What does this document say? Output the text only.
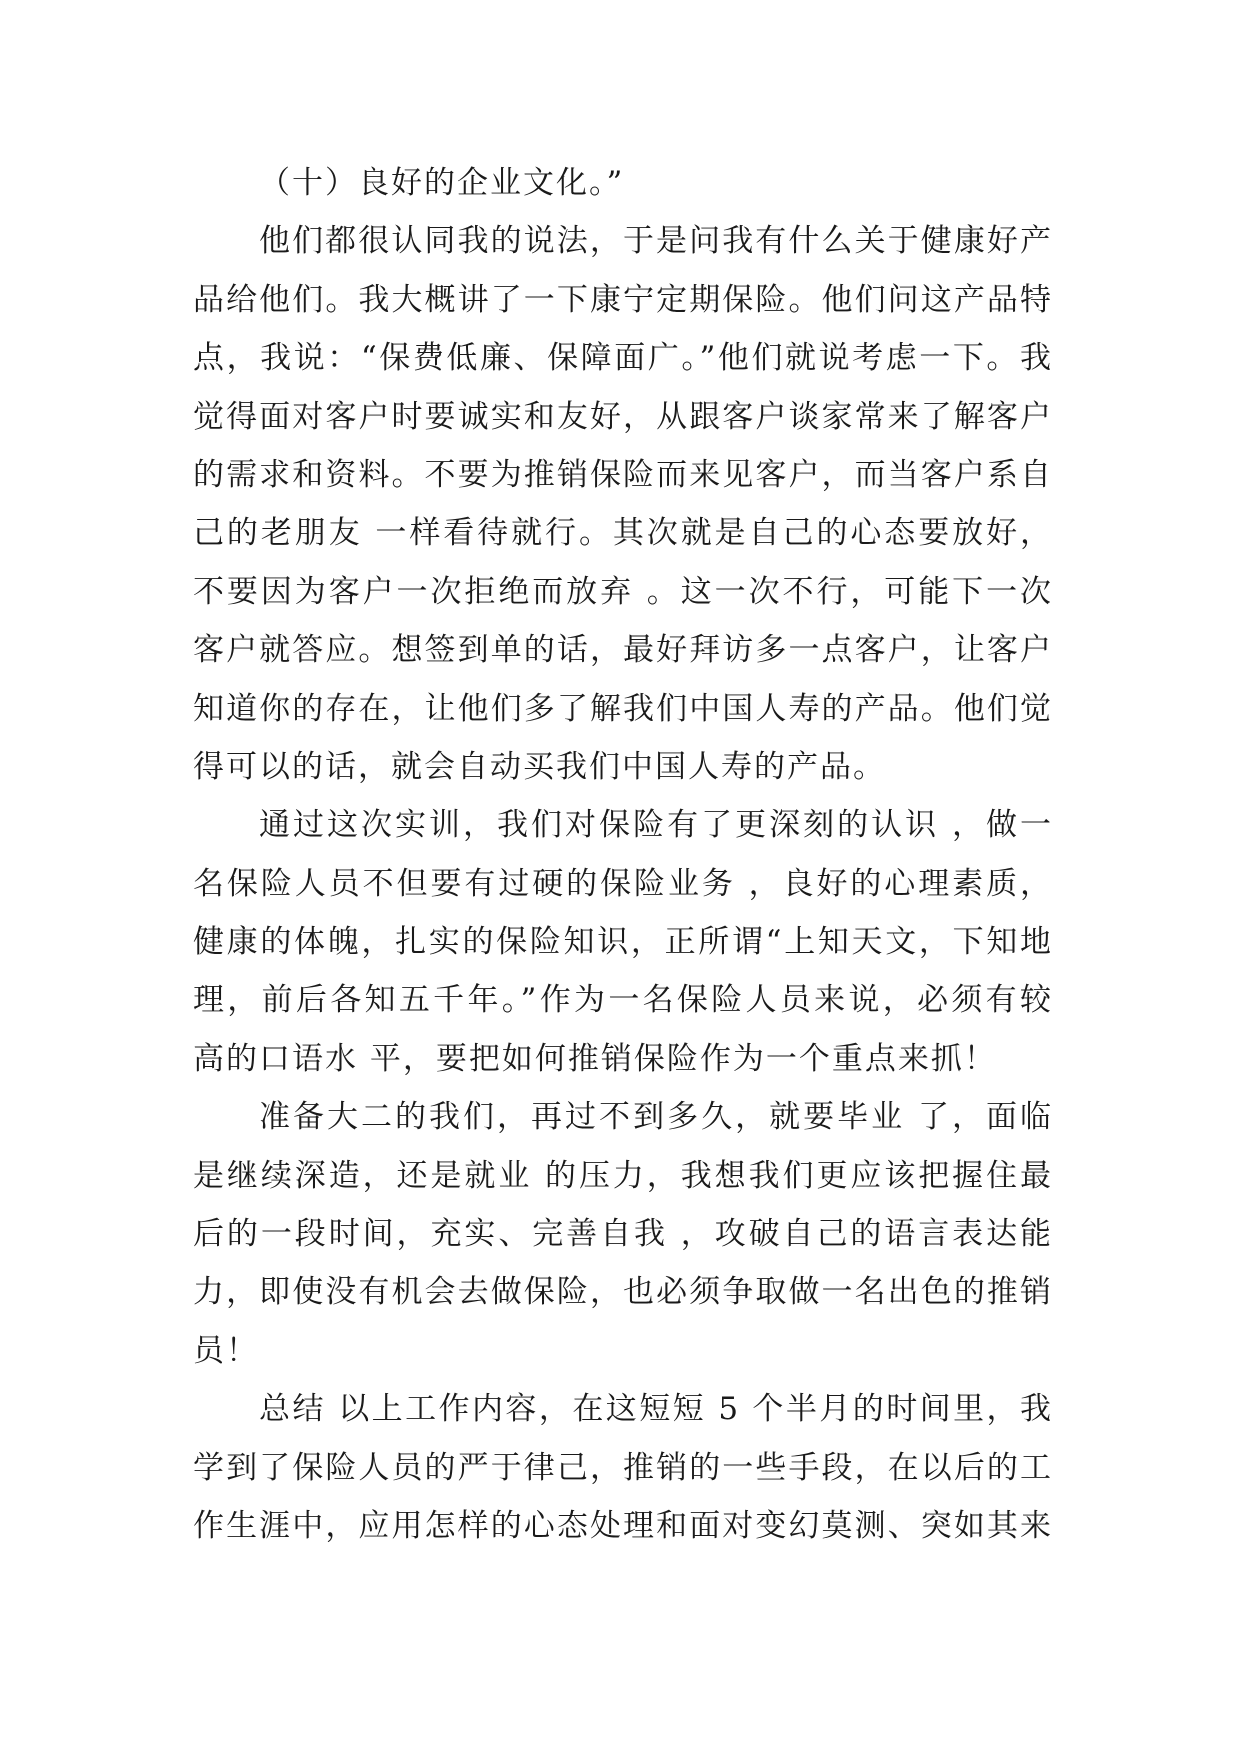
（十）良好的企业文化。”
他们都很认同我的说法，于是问我有什么关于健康好产
品给他们。我大概讲了一下康宁定期保险。他们问这产品特
点，我说：“保费低廉、保障面广。”他们就说考虑一下。我
觉得面对客户时要诚实和友好，从跟客户谈家常来了解客户
的需求和资料。不要为推销保险而来见客户，而当客户系自
己的老朋友 一样看待就行。其次就是自己的心态要放好，
不要因为客户一次拒绝而放弃 。这一次不行，可能下一次
客户就答应。想签到单的话，最好拜访多一点客户，让客户
知道你的存在，让他们多了解我们中国人寿的产品。他们觉
得可以的话，就会自动买我们中国人寿的产品。
通过这次实训，我们对保险有了更深刻的认识 ，做一
名保险人员不但要有过硬的保险业务 ，良好的心理素质，
健康的体魄，扎实的保险知识，正所谓“上知天文，下知地
理，前后各知五千年。”作为一名保险人员来说，必须有较
高的口语水 平，要把如何推销保险作为一个重点来抓！
准备大二的我们，再过不到多久，就要毕业 了，面临
是继续深造，还是就业 的压力，我想我们更应该把握住最
后的一段时间，充实、完善自我 ，攻破自己的语言表达能
力，即使没有机会去做保险，也必须争取做一名出色的推销
员！
总结 以上工作内容，在这短短 5 个半月的时间里，我
学到了保险人员的严于律己，推销的一些手段，在以后的工
作生涯中，应用怎样的心态处理和面对变幻莫测、突如其来
